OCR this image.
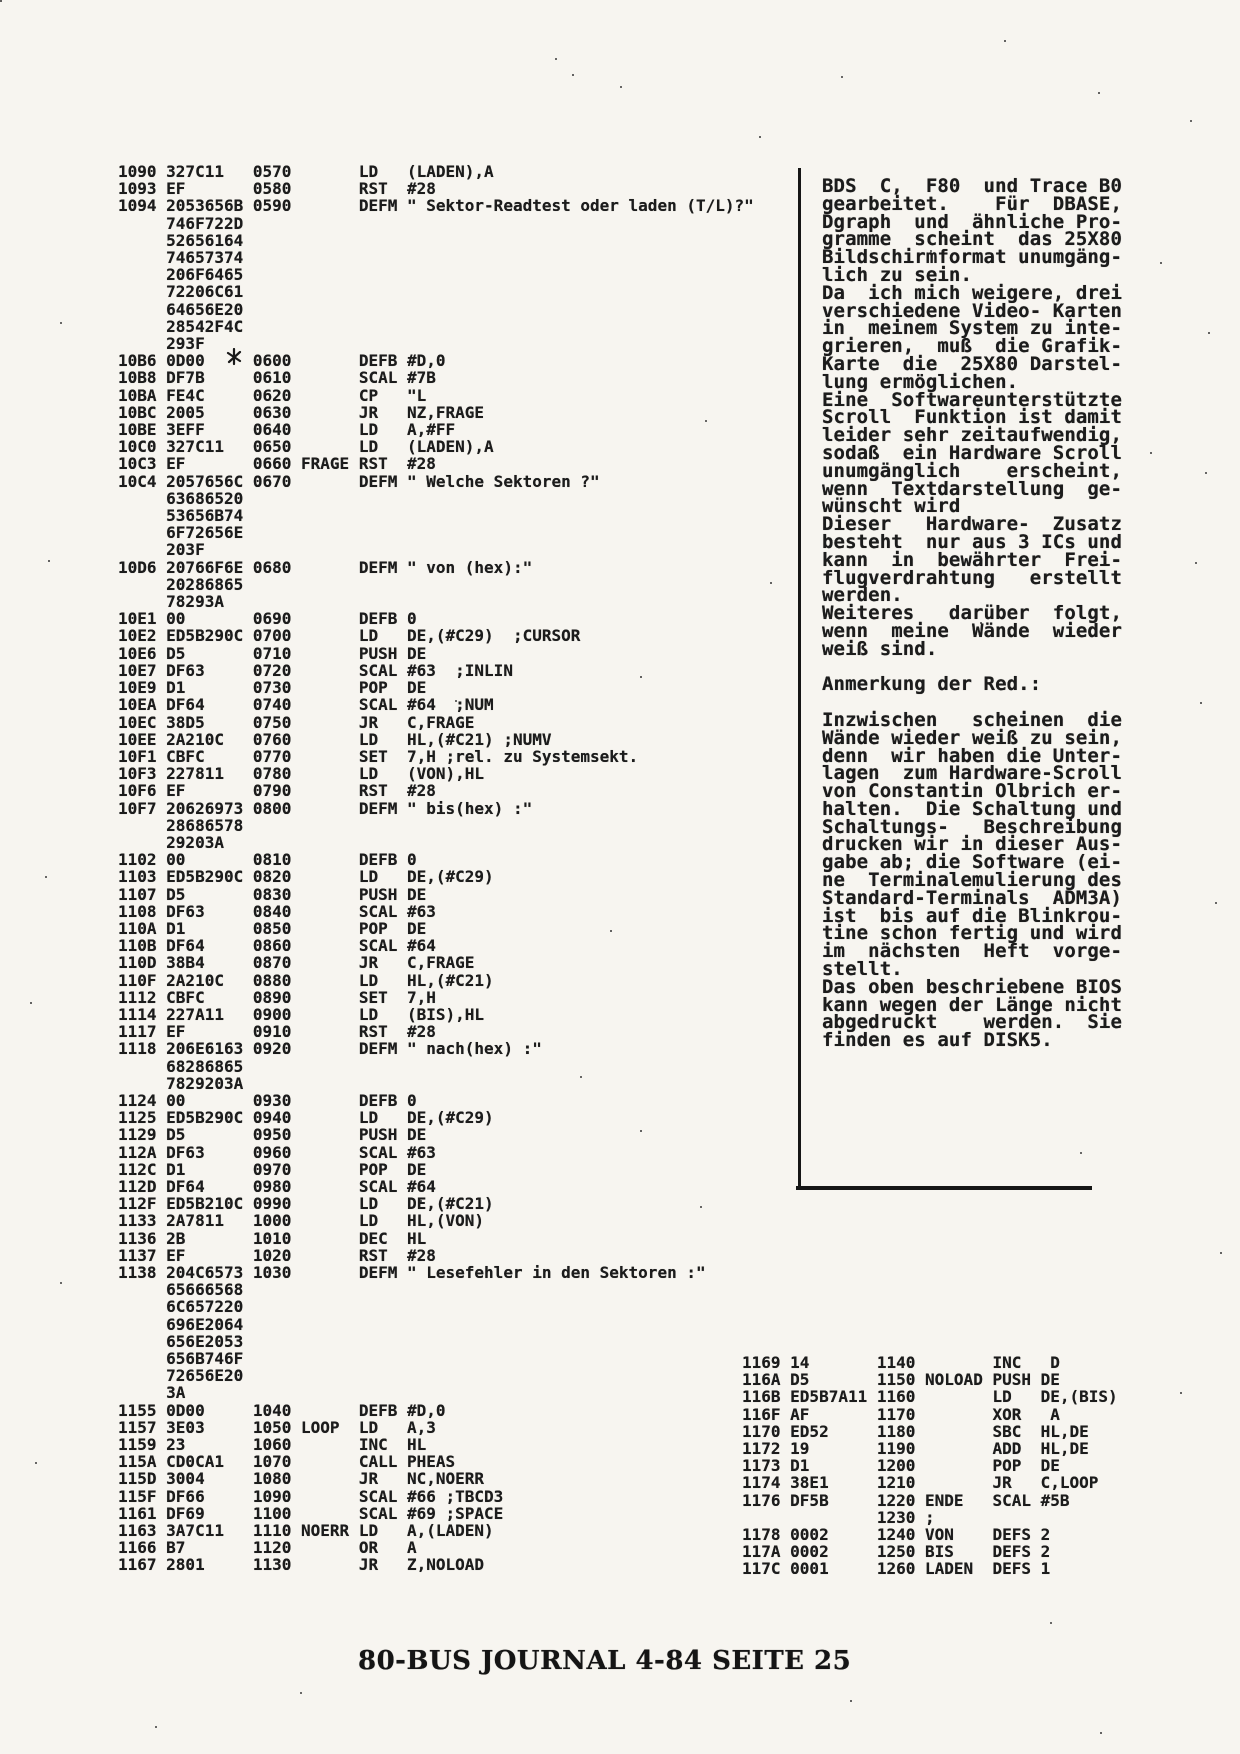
1090 327C11   0570       LD   (LADEN),A
1093 EF       0580       RST  #28
1094 2053656B 0590       DEFM " Sektor-Readtest oder laden (T/L)?"
746F722D
52656164
74657374
206F6465
72206C61
64656E20
28542F4C
293F
10B6 0D00     0600       DEFB #D,0
10B8 DF7B     0610       SCAL #7B
10BA FE4C     0620       CP   "L
10BC 2005     0630       JR   NZ,FRAGE
10BE 3EFF     0640       LD   A,#FF
10C0 327C11   0650       LD   (LADEN),A
10C3 EF       0660 FRAGE RST  #28
10C4 2057656C 0670       DEFM " Welche Sektoren ?"
63686520
53656B74
6F72656E
203F
10D6 20766F6E 0680       DEFM " von (hex):"
20286865
78293A
10E1 00       0690       DEFB 0
10E2 ED5B290C 0700       LD   DE,(#C29)  ;CURSOR
10E6 D5       0710       PUSH DE
10E7 DF63     0720       SCAL #63  ;INLIN
10E9 D1       0730       POP  DE
10EA DF64     0740       SCAL #64  ;NUM
10EC 38D5     0750       JR   C,FRAGE
10EE 2A210C   0760       LD   HL,(#C21) ;NUMV
10F1 CBFC     0770       SET  7,H ;rel. zu Systemsekt.
10F3 227811   0780       LD   (VON),HL
10F6 EF       0790       RST  #28
10F7 20626973 0800       DEFM " bis(hex) :"
28686578
29203A
1102 00       0810       DEFB 0
1103 ED5B290C 0820       LD   DE,(#C29)
1107 D5       0830       PUSH DE
1108 DF63     0840       SCAL #63
110A D1       0850       POP  DE
110B DF64     0860       SCAL #64
110D 38B4     0870       JR   C,FRAGE
110F 2A210C   0880       LD   HL,(#C21)
1112 CBFC     0890       SET  7,H
1114 227A11   0900       LD   (BIS),HL
1117 EF       0910       RST  #28
1118 206E6163 0920       DEFM " nach(hex) :"
68286865
7829203A
1124 00       0930       DEFB 0
1125 ED5B290C 0940       LD   DE,(#C29)
1129 D5       0950       PUSH DE
112A DF63     0960       SCAL #63
112C D1       0970       POP  DE
112D DF64     0980       SCAL #64
112F ED5B210C 0990       LD   DE,(#C21)
1133 2A7811   1000       LD   HL,(VON)
1136 2B       1010       DEC  HL
1137 EF       1020       RST  #28
1138 204C6573 1030       DEFM " Lesefehler in den Sektoren :"
65666568
6C657220
696E2064
656E2053
656B746F
72656E20
3A
1155 0D00     1040       DEFB #D,0
1157 3E03     1050 LOOP  LD   A,3
1159 23       1060       INC  HL
115A CD0CA1   1070       CALL PHEAS
115D 3004     1080       JR   NC,NOERR
115F DF66     1090       SCAL #66 ;TBCD3
1161 DF69     1100       SCAL #69 ;SPACE
1163 3A7C11   1110 NOERR LD   A,(LADEN)
1166 B7       1120       OR   A
1167 2801     1130       JR   Z,NOLOAD
BDS  C,  F80  und Trace B0
gearbeitet.    Für  DBASE,
Dgraph  und  ähnliche Pro-
gramme  scheint  das 25X80
Bildschirmformat unumgäng-
lich zu sein.
Da  ich mich weigere, drei
verschiedene Video- Karten
in  meinem System zu inte-
grieren,  muß  die Grafik-
Karte  die  25X80 Darstel-
lung ermöglichen.
Eine  Softwareunterstützte
Scroll  Funktion ist damit
leider sehr zeitaufwendig,
sodaß  ein Hardware Scroll
unumgänglich    erscheint,
wenn  Textdarstellung  ge-
wünscht wird
Dieser   Hardware-  Zusatz
besteht  nur aus 3 ICs und
kann  in  bewährter  Frei-
flugverdrahtung   erstellt
werden.
Weiteres   darüber  folgt,
wenn  meine  Wände  wieder
weiß sind.

Anmerkung der Red.:

Inzwischen   scheinen  die
Wände wieder weiß zu sein,
denn  wir haben die Unter-
lagen  zum Hardware-Scroll
von Constantin Olbrich er-
halten.  Die Schaltung und
Schaltungs-   Beschreibung
drucken wir in dieser Aus-
gabe ab; die Software (ei-
ne  Terminalemulierung des
Standard-Terminals  ADM3A)
ist  bis auf die Blinkrou-
tine schon fertig und wird
im  nächsten  Heft  vorge-
stellt.
Das oben beschriebene BIOS
kann wegen der Länge nicht
abgedruckt    werden.  Sie
finden es auf DISK5.
1169 14       1140        INC   D
116A D5       1150 NOLOAD PUSH DE
116B ED5B7A11 1160        LD   DE,(BIS)
116F AF       1170        XOR   A
1170 ED52     1180        SBC  HL,DE
1172 19       1190        ADD  HL,DE
1173 D1       1200        POP  DE
1174 38E1     1210        JR   C,LOOP
1176 DF5B     1220 ENDE   SCAL #5B
1230 ;
1178 0002     1240 VON    DEFS 2
117A 0002     1250 BIS    DEFS 2
117C 0001     1260 LADEN  DEFS 1
80-BUS JOURNAL 4-84 SEITE 25
